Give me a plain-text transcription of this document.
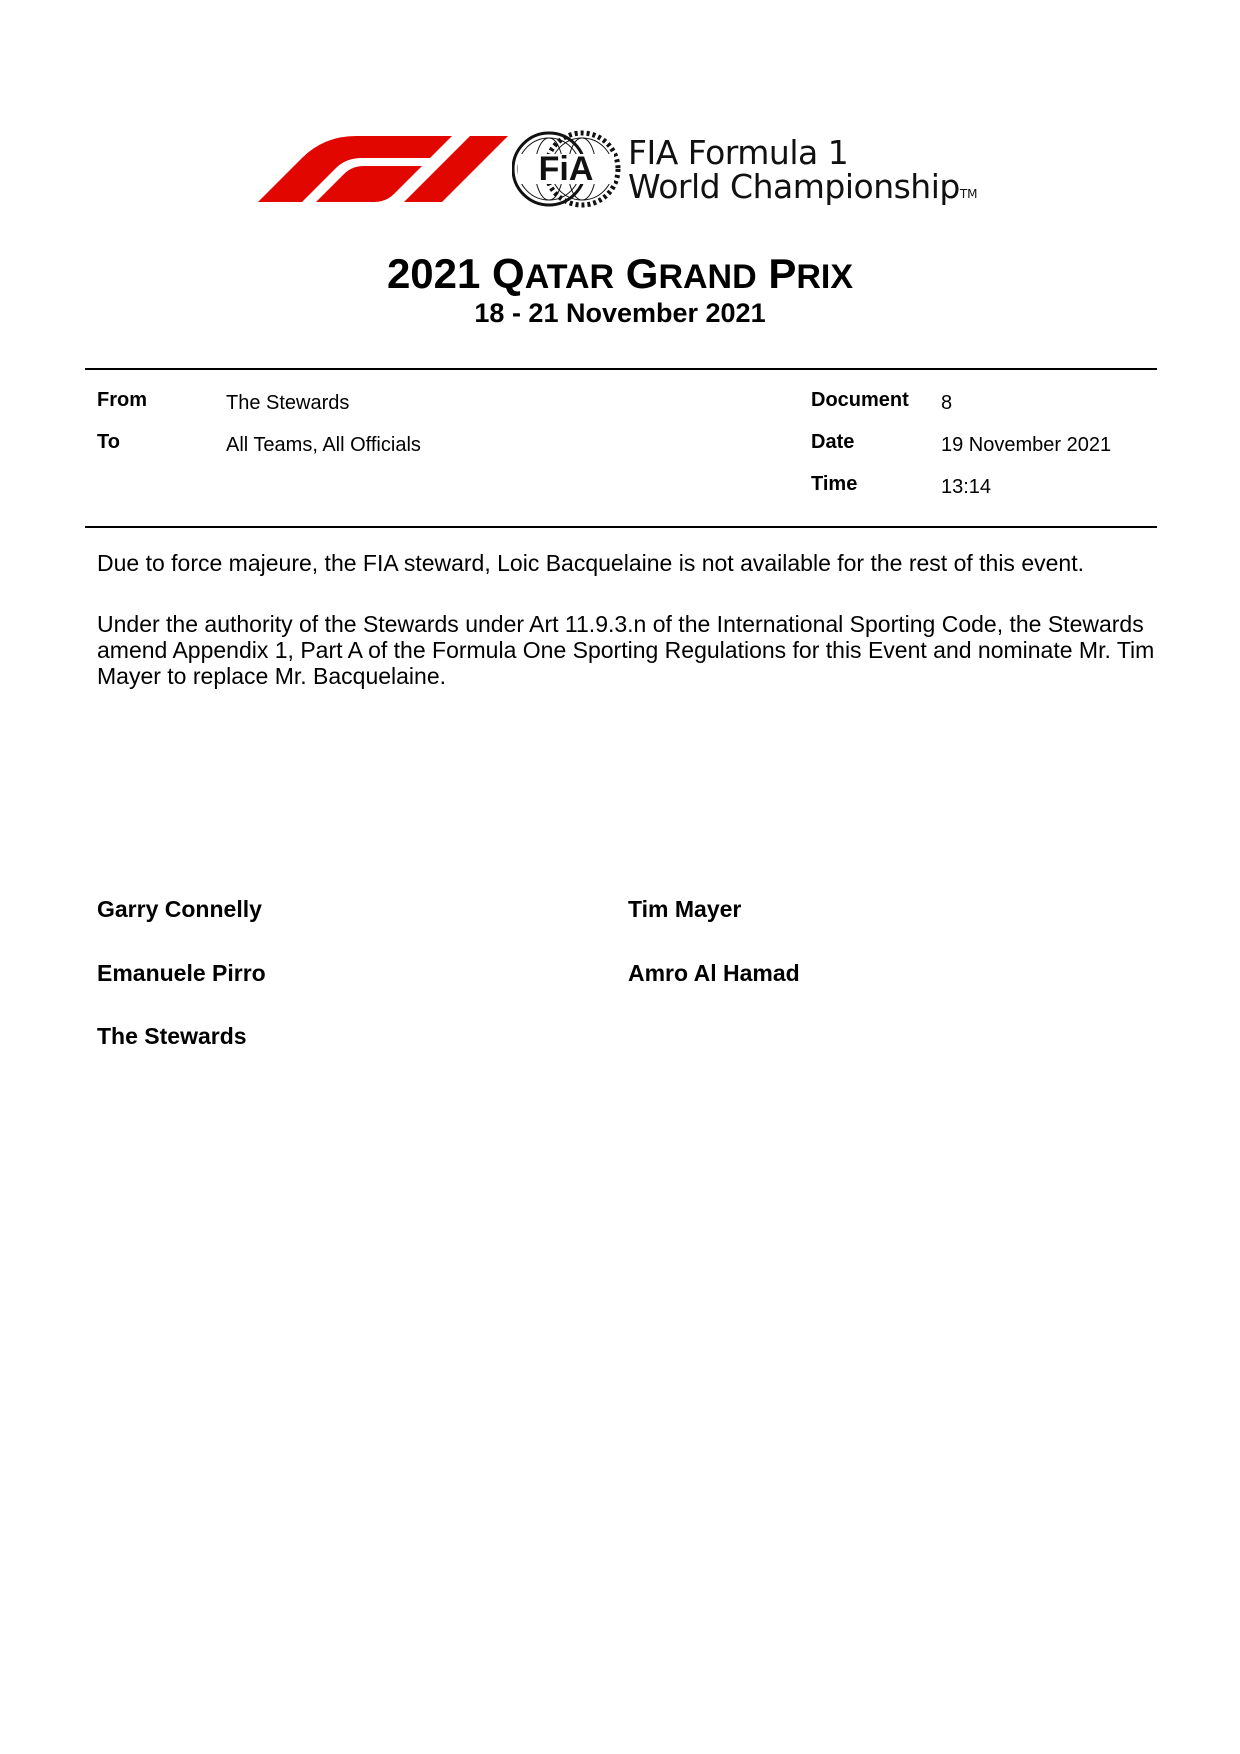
FiA FIA Formula 1
World ChampionshipTM
2021 QATAR GRAND PRIX
18 - 21 November 2021
From	The Stewards
To	All Teams, All Officials
Document 8
Date	19 November 2021
Time	13:14

Due to force majeure, the FIA steward, Loic Bacquelaine is not available for the rest of this event.

Under the authority of the Stewards under Art 11.9.3.n of the International Sporting Code, the Stewards amend Appendix 1, Part A of the Formula One Sporting Regulations for this Event and nominate Mr. Tim Mayer to replace Mr. Bacquelaine.

Garry Connelly	Tim Mayer
Emanuele Pirro	Amro Al Hamad
The Stewards
